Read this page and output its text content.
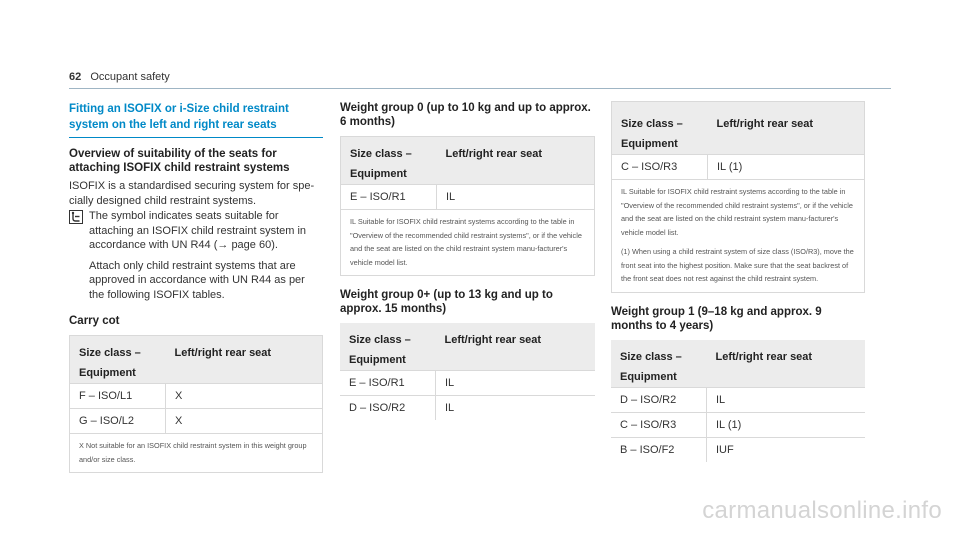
62 Occupant safety

Fitting an ISOFIX or i-Size child restraint system on the left and right rear seats

Overview of suitability of the seats for attaching ISOFIX child restraint systems

ISOFIX is a standardised securing system for spe-cially designed child restraint systems.

The symbol indicates seats suitable for attaching an ISOFIX child restraint system in accordance with UN R44 (→ page 60).

Attach only child restraint systems that are approved in accordance with UN R44 as per the following ISOFIX tables.

Carry cot
Size class – Equipment	Left/right rear seat
F – ISO/L1	X
G – ISO/L2	X

X Not suitable for an ISOFIX child restraint system in this weight group and/or size class.	
Weight group 0 (up to 10 kg and up to approx. 6 months)
Size class – Equipment	Left/right rear seat
E – ISO/R1	IL

IL Suitable for ISOFIX child restraint systems according to the table in "Overview of the recommended child restraint systems", or if the vehicle and the seat are listed on the child restraint system manu-facturer's vehicle model list.	
Weight group 0+ (up to 13 kg and up to approx. 15 months)
Size class – Equipment	Left/right rear seat
E – ISO/R1	IL
D – ISO/R2	IL
Size class – Equipment	Left/right rear seat
C – ISO/R3	IL (1)

IL Suitable for ISOFIX child restraint systems according to the table in "Overview of the recommended child restraint systems", or if the vehicle and the seat are listed on the child restraint system manu-facturer's vehicle model list.
(1) When using a child restraint system of size class (ISO/R3), move the front seat into the highest position. Make sure that the seat backrest of the front seat does not rest against the child restraint system.	
Weight group 1 (9–18 kg and approx. 9 months to 4 years)
Size class – Equipment	Left/right rear seat
D – ISO/R2	IL
C – ISO/R3	IL (1)
B – ISO/F2	IUF
carmanualsonline.info
